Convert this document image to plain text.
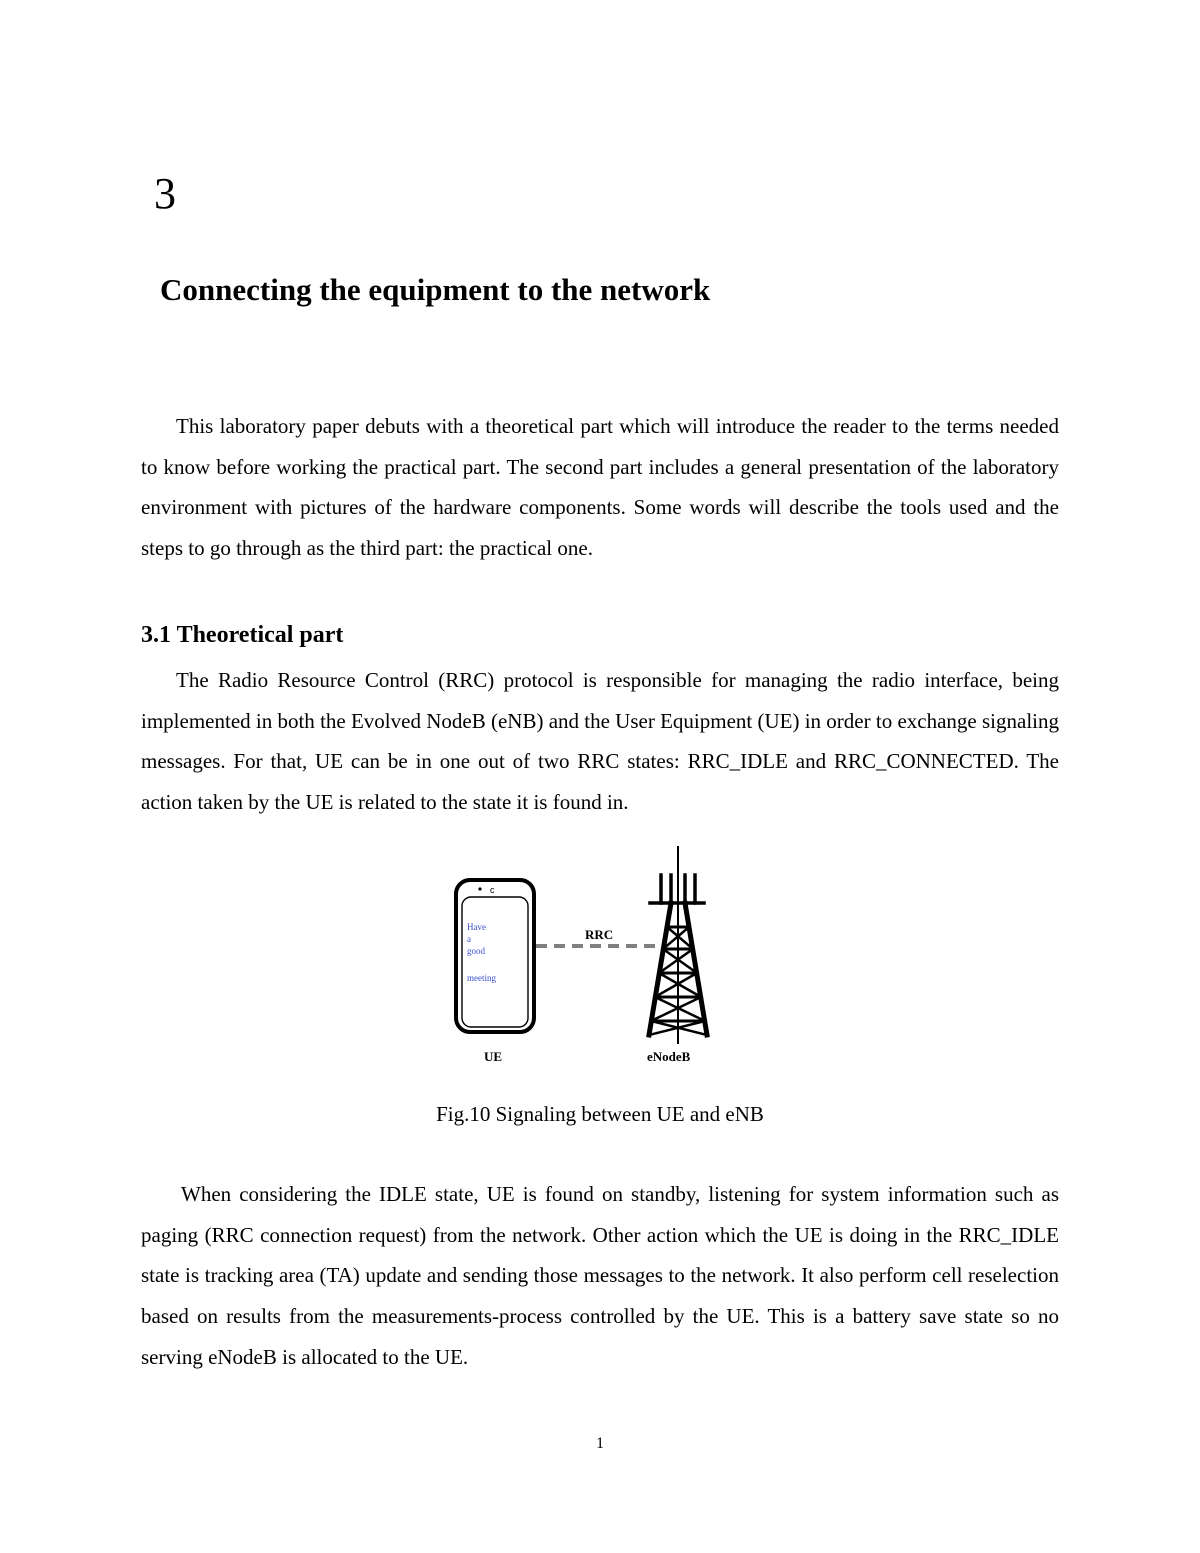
3
Connecting the equipment to the network

This laboratory paper debuts with a theoretical part which will introduce the reader to the terms needed to know before working the practical part. The second part includes a general presentation of the laboratory environment with pictures of the hardware components. Some words will describe the tools used and the steps to go through as the third part: the practical one.

3.1 Theoretical part

The Radio Resource Control (RRC) protocol is responsible for managing the radio interface, being implemented in both the Evolved NodeB (eNB) and the User Equipment (UE) in order to exchange signaling messages. For that, UE can be in one out of two RRC states: RRC_IDLE and RRC_CONNECTED. The action taken by the UE is related to the state it is found in.

c
Have
a
good
meeting
RRC
UE	eNodeB
Fig.10 Signaling between UE and eNB

When considering the IDLE state, UE is found on standby, listening for system information such as paging (RRC connection request) from the network. Other action which the UE is doing in the RRC_IDLE state is tracking area (TA) update and sending those messages to the network. It also perform cell reselection based on results from the measurements-process controlled by the UE. This is a battery save state so no serving eNodeB is allocated to the UE.

1
